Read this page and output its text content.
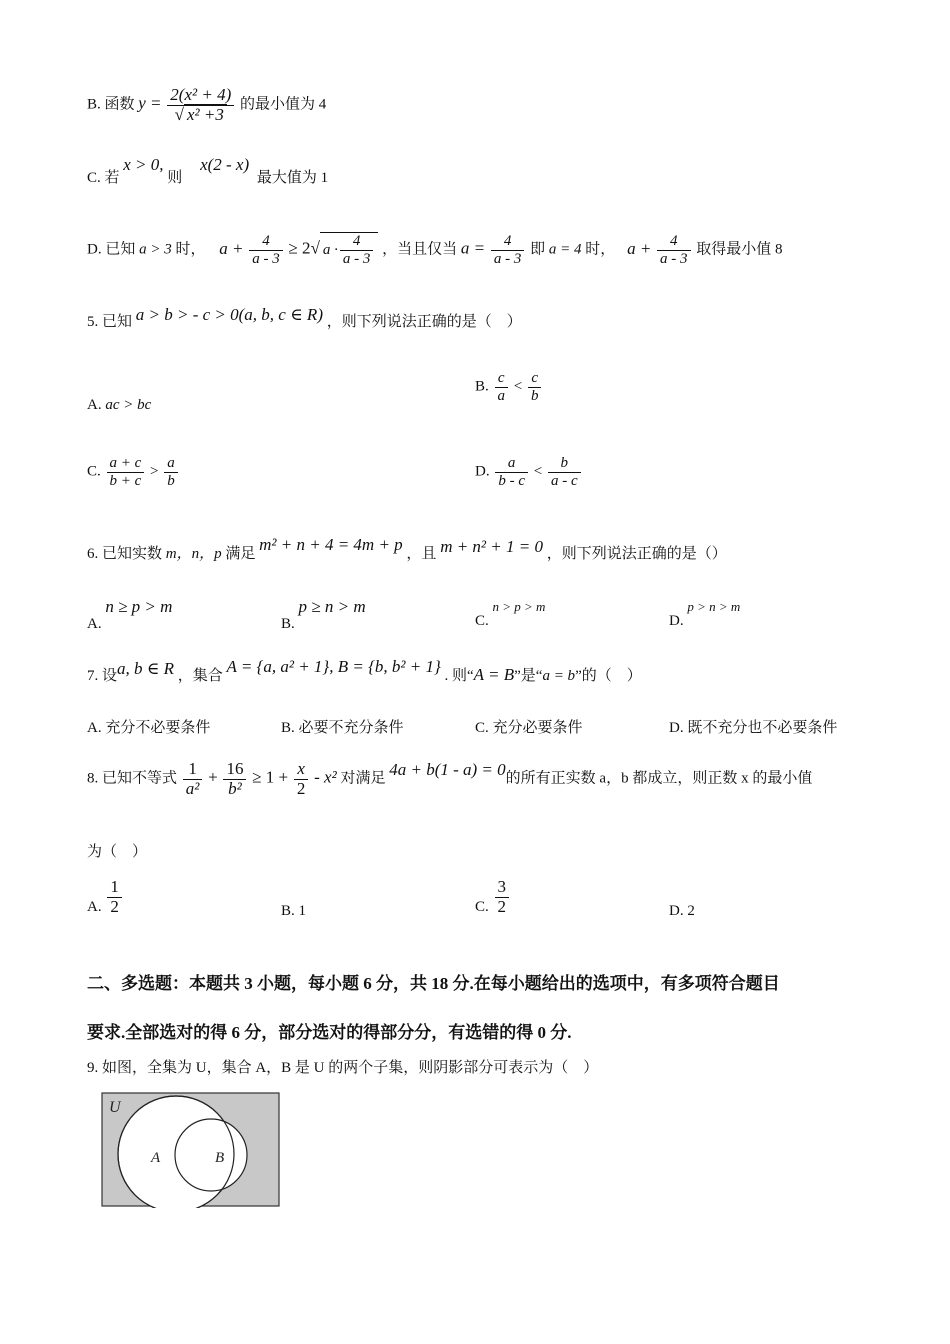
B. 函数 $y = \frac{\text{2(x² + 4)}}{\text{√ x² +3}}$ 的最小值为 4
C. 若 x > 0, 则 x(2 - x) 最大值为 1
D. 已知 a > 3 时， $a + \frac{4}{a - 3} \ge 2√$ a ·
4
a - 3
，当且仅当 $a = \frac{4}{a - 3}$ 即 a = 4 时， $a + \frac{4}{a - 3}$ 取得最小值 8
5. 已知 a > b > - c > 0(a, b, c ∈ R) ，则下列说法正确的是（　）
A. ac > bc
B. $\frac{c}{a} < \frac{c}{b}$
C. $\frac{a + c}{b + c} > \frac{a}{b}$	D. $\frac{a}{b - c} < \frac{b}{a - c}$
6. 已知实数 m，n，p 满足 m² + n + 4 = 4m + p ，且 m + n² + 1 = 0 ，则下列说法正确的是（）
A. n ≥ p > m
B. p ≥ n > m
C. n > p > m
D. p > n > m
7. 设a, b ∈ R ，集合 A = {a, a² + 1}, B = {b, b² + 1} . 则“A = B”是“a = b”的（　）
A. 充分不必要条件	B. 必要不充分条件	C. 充分必要条件	D. 既不充分也不必要条件
8. 已知不等式 $\frac{1}{\text{a²}} + \frac{16}{\text{b²}} \ge 1 + \frac{x}{2} - x^2$ 对满足 4a + b(1 - a) = 0的所有正实数 a，b 都成立，则正数 x 的最小值
为（　）
A. $\frac{1}{2}$	B. 1	C. $\frac{3}{2}$	D. 2
二、多选题：本题共 3 小题，每小题 6 分，共 18 分.在每小题给出的选项中，有多项符合题目
要求.全部选对的得 6 分，部分选对的得部分分，有选错的得 0 分.
9. 如图，全集为 U，集合 A，B 是 U 的两个子集，则阴影部分可表示为（　）
U
A	B
